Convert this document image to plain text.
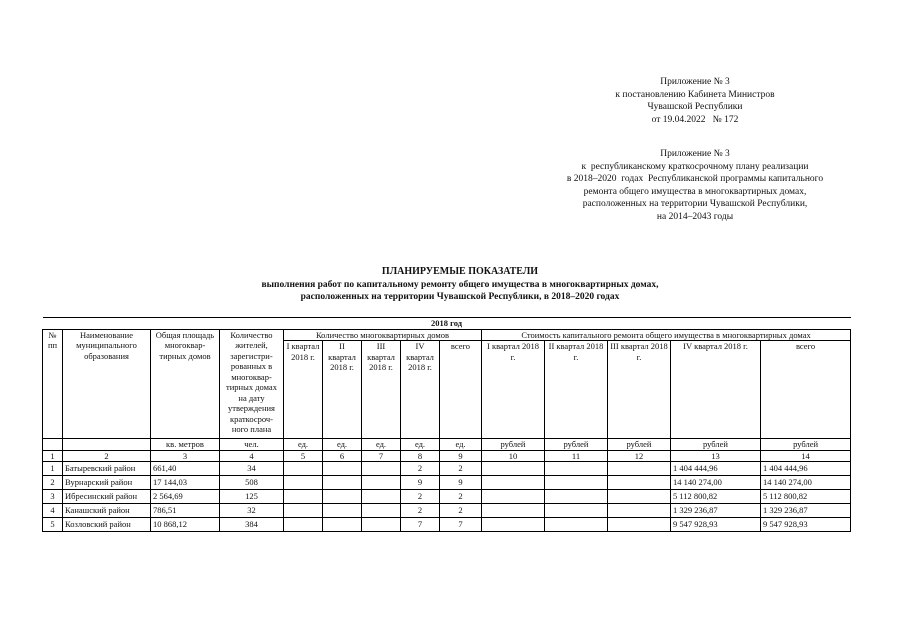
Приложение № 3

к постановлению Кабинета Министров

Чувашской Республики

от 19.04.2022   № 172

Приложение № 3

к  республиканскому краткосрочному плану реализации

в 2018–2020  годах  Республиканской программы капитального

ремонта общего имущества в многоквартирных домах,

расположенных на территории Чувашской Республики,

на 2014–2043 годы

ПЛАНИРУЕМЫЕ ПОКАЗАТЕЛИ

выполнения работ по капитальному ремонту общего имущества в многоквартирных домах,

расположенных на территории Чувашской Республики, в 2018–2020 годах

2018 год													
№ пп	Наименование муниципального образования	Общая площадь многоквар-тирных домов	Количество жителей, зарегистри-рованных в многоквар-тирных домах на дату утверждения краткосроч-ного плана	Количество многоквартирных домов					Стоимость капитального ремонта общего имущества в многоквартирных домах				
				I квартал 2018 г.	II квартал 2018 г.	III квартал 2018 г.	IV квартал 2018 г.	всего	I квартал 2018 г.	II квартал 2018 г.	III квартал 2018 г.	IV квартал 2018 г.	всего
		кв. метров	чел.	ед.	ед.	ед.	ед.	ед.	рублей	рублей	рублей	рублей	рублей
1	2	3	4	5	6	7	8	9	10	11	12	13	14
1	Батыревский район	661,40	34				2	2				1 404 444,96	1 404 444,96
2	Вурнарский район	17 144,03	508				9	9				14 140 274,00	14 140 274,00
3	Ибресинский район	2 564,69	125				2	2				5 112 800,82	5 112 800,82
4	Канашский район	786,51	32				2	2				1 329 236,87	1 329 236,87
5	Козловский район	10 868,12	384				7	7				9 547 928,93	9 547 928,93
